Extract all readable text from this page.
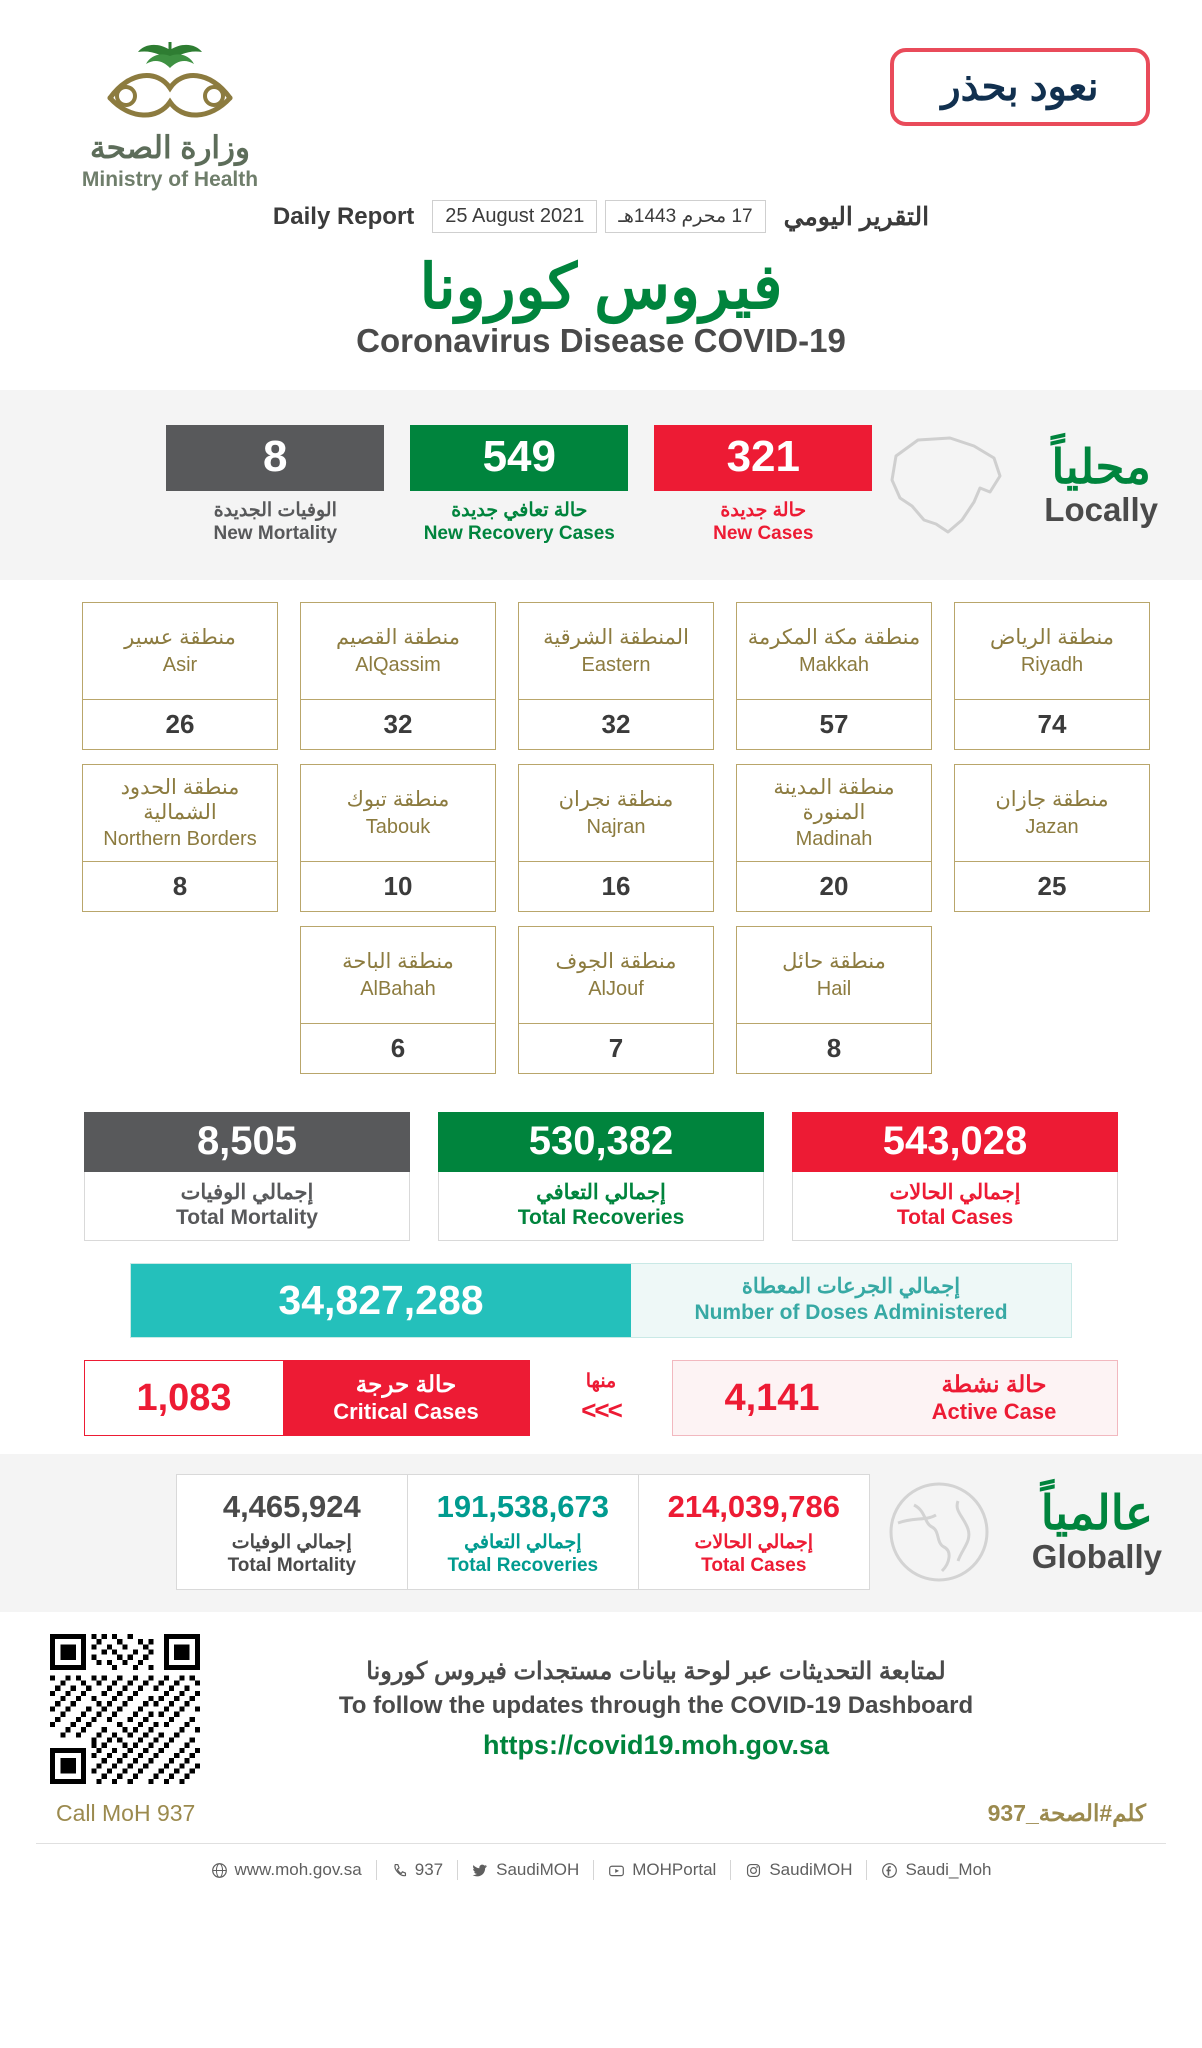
وزارة الصحة
Ministry of Health
نعود بحذر
Daily Report	25 August 2021	17 محرم 1443هـ	التقرير اليومي
فيروس كورونا
Coronavirus Disease COVID-19
8
الوفيات الجديدة
New Mortality
549
حالة تعافي جديدة
New Recovery Cases
321
حالة جديدة
New Cases
محلياً
Locally
منطقة عسير
Asir
26
منطقة القصيم
AlQassim
32
المنطقة الشرقية
Eastern
32
منطقة مكة المكرمة
Makkah
57
منطقة الرياض
Riyadh
74
منطقة الحدود الشمالية
Northern Borders
8
منطقة تبوك
Tabouk
10
منطقة نجران
Najran
16
منطقة المدينة المنورة
Madinah
20
منطقة جازان
Jazan
25
منطقة الباحة
AlBahah
6
منطقة الجوف
AlJouf
7
منطقة حائل
Hail
8
8,505
إجمالي الوفيات
Total Mortality
530,382
إجمالي التعافي
Total Recoveries
543,028
إجمالي الحالات
Total Cases
34,827,288	إجمالي الجرعات المعطاة
Number of Doses Administered
1,083	حالة حرجة
Critical Cases
منها
<<<	4,141	حالة نشطة
Active Case
4,465,924
إجمالي الوفيات
Total Mortality
191,538,673
إجمالي التعافي
Total Recoveries
214,039,786
إجمالي الحالات
Total Cases
عالمياً
Globally
لمتابعة التحديثات عبر لوحة بيانات مستجدات فيروس كورونا
To follow the updates through the COVID-19 Dashboard
https://covid19.moh.gov.sa
Call MoH 937	كلم#الصحة_937
www.moh.gov.sa	937	SaudiMOH	MOHPortal	SaudiMOH	Saudi_Moh
